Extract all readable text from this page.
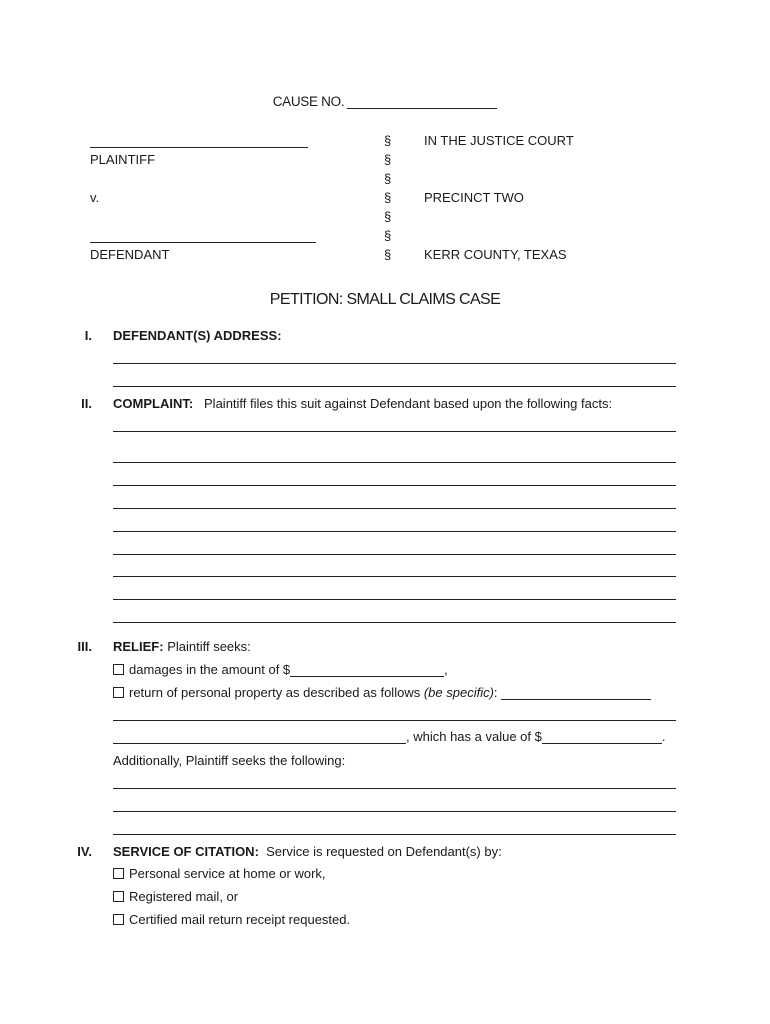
CAUSE NO.
PLAINTIFF
v.
DEFENDANT
§
§
§
§
§
§
§
IN THE JUSTICE COURT
PRECINCT TWO
KERR COUNTY, TEXAS
PETITION: SMALL CLAIMS CASE
I. DEFENDANT(S) ADDRESS:
II. COMPLAINT: Plaintiff files this suit against Defendant based upon the following facts:
III. RELIEF: Plaintiff seeks:
damages in the amount of $	,
return of personal property as described as follows (be specific):
, which has a value of $	.
Additionally, Plaintiff seeks the following:
IV. SERVICE OF CITATION: Service is requested on Defendant(s) by:
Personal service at home or work,
Registered mail, or
Certified mail return receipt requested.
